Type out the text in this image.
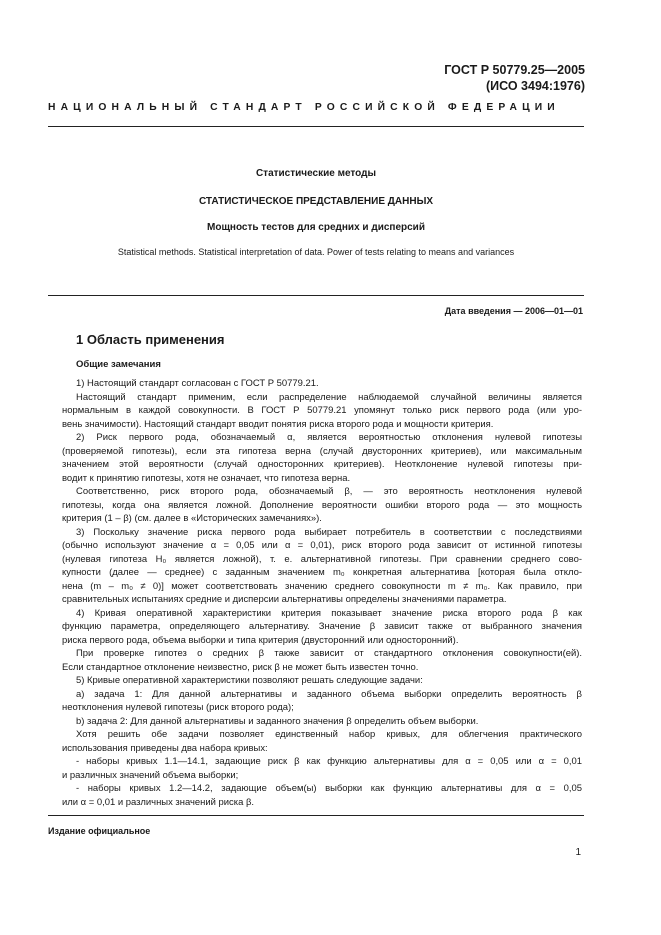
ГОСТ Р 50779.25—2005
(ИСО 3494:1976)
НАЦИОНАЛЬНЫЙ СТАНДАРТ РОССИЙСКОЙ ФЕДЕРАЦИИ
Статистические методы
СТАТИСТИЧЕСКОЕ ПРЕДСТАВЛЕНИЕ ДАННЫХ
Мощность тестов для средних и дисперсий
Statistical methods. Statistical interpretation of data. Power of tests relating to means and variances
Дата введения — 2006—01—01
1 Область применения
Общие замечания

1) Настоящий стандарт согласован с ГОСТ Р 50779.21.

Настоящий стандарт применим, если распределение наблюдаемой случайной величины является
нормальным в каждой совокупности. В ГОСТ Р 50779.21 упомянут только риск первого рода (или уро-
вень значимости). Настоящий стандарт вводит понятия риска второго рода и мощности критерия.
2) Риск первого рода, обозначаемый α, является вероятностью отклонения нулевой гипотезы
(проверяемой гипотезы), если эта гипотеза верна (случай двусторонних критериев), или максимальным
значением этой вероятности (случай односторонних критериев). Неотклонение нулевой гипотезы при-
водит к принятию гипотезы, хотя не означает, что гипотеза верна.
Соответственно, риск второго рода, обозначаемый β, — это вероятность неотклонения нулевой
гипотезы, когда она является ложной. Дополнение вероятности ошибки второго рода — это мощность
критерия (1 – β) (см. далее в «Исторических замечаниях»).
3) Поскольку значение риска первого рода выбирает потребитель в соответствии с последствиями
(обычно используют значение α = 0,05 или α = 0,01), риск второго рода зависит от истинной гипотезы
(нулевая гипотеза H₀ является ложной), т. е. альтернативной гипотезы. При сравнении среднего сово-
купности (далее — среднее) с заданным значением m₀ конкретная альтернатива [которая была откло-
нена (m – m₀ ≠ 0)] может соответствовать значению среднего совокупности m ≠ m₀. Как правило, при
сравнительных испытаниях средние и дисперсии альтернативы определены значениями параметра.
4) Кривая оперативной характеристики критерия показывает значение риска второго рода β как
функцию параметра, определяющего альтернативу. Значение β зависит также от выбранного значения
риска первого рода, объема выборки и типа критерия (двусторонний или односторонний).
При проверке гипотез о средних β также зависит от стандартного отклонения совокупности(ей).
Если стандартное отклонение неизвестно, риск β не может быть известен точно.

5) Кривые оперативной характеристики позволяют решать следующие задачи:

a) задача 1: Для данной альтернативы и заданного объема выборки определить вероятность β
неотклонения нулевой гипотезы (риск второго рода);

b) задача 2: Для данной альтернативы и заданного значения β определить объем выборки.

Хотя решить обе задачи позволяет единственный набор кривых, для облегчения практического
использования приведены два набора кривых:
- наборы кривых 1.1—14.1, задающие риск β как функцию альтернативы для α = 0,05 или α = 0,01
и различных значений объема выборки;
- наборы кривых 1.2—14.2, задающие объем(ы) выборки как функцию альтернативы для α = 0,05
или α = 0,01 и различных значений риска β.
Издание официальное
1
